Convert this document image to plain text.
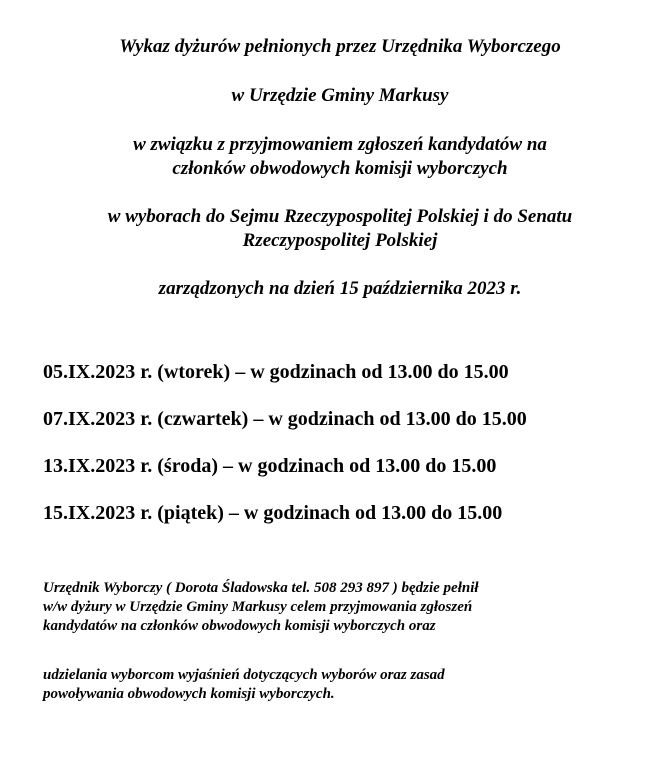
Wykaz dyżurów pełnionych przez Urzędnika Wyborczego
w Urzędzie Gminy Markusy
w związku z przyjmowaniem zgłoszeń kandydatów na
członków obwodowych komisji wyborczych
w wyborach do Sejmu Rzeczypospolitej Polskiej i do Senatu
Rzeczypospolitej Polskiej
zarządzonych na dzień 15 października 2023 r.
05.IX.2023 r. (wtorek) – w godzinach od 13.00 do 15.00
07.IX.2023 r. (czwartek) – w godzinach od 13.00 do 15.00
13.IX.2023 r. (środa) – w godzinach od 13.00 do 15.00
15.IX.2023 r. (piątek) – w godzinach od 13.00 do 15.00
Urzędnik Wyborczy ( Dorota Śladowska tel. 508 293 897 ) będzie pełnił
w/w dyżury w Urzędzie Gminy Markusy celem przyjmowania zgłoszeń
kandydatów na członków obwodowych komisji wyborczych oraz
udzielania wyborcom wyjaśnień dotyczących wyborów oraz zasad
powoływania obwodowych komisji wyborczych.
